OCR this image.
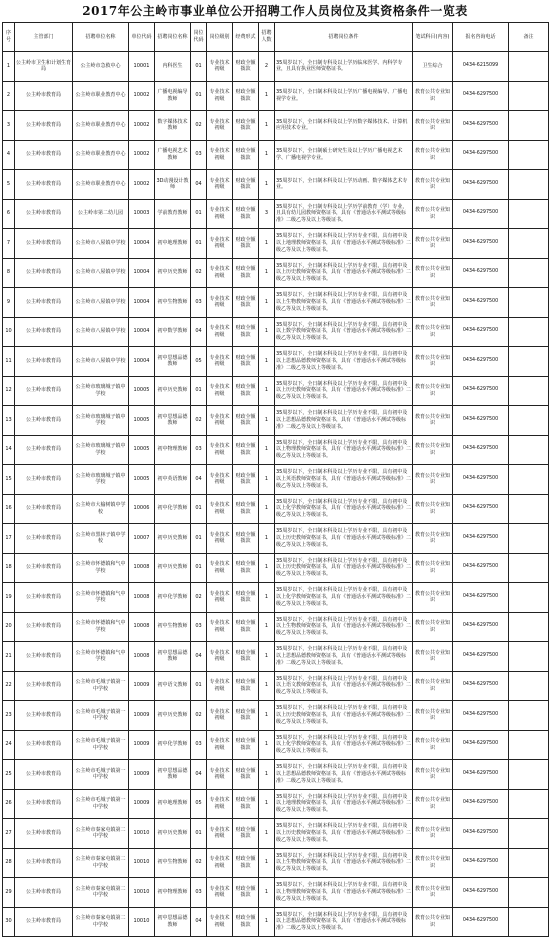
2017年公主岭市事业单位公开招聘工作人员岗位及其资格条件一览表
序号	主管部门	招聘单位名称	单位代码	招聘岗位名称	岗位代码	岗位级别	经费形式	招聘人数	招聘岗位条件	笔试科目(内容)	报名咨询电话	备注
1	公主岭市卫生和计划生育局	公主岭市急救中心	10001	内科医生	01	专业技术初级	财政全额拨款	2	35周岁以下，全日制专科及以上学历临床医学、内科学专业，且具有执业医师资格证书。	卫生综合	0434-6215099	
2	公主岭市教育局	公主岭市职业教育中心	10002	广播电视编导教师	01	专业技术初级	财政全额拨款	1	35周岁以下，全日制本科及以上学历广播电视编导、广播电视学专业。	教育公共专业知识	0434-6297500	
3	公主岭市教育局	公主岭市职业教育中心	10002	数字媒体技术教师	02	专业技术初级	财政全额拨款	1	35周岁以下，全日制本科及以上学历数字媒体技术、计算机应用技术专业。	教育公共专业知识	0434-6297500	
4	公主岭市教育局	公主岭市职业教育中心	10002	广播电视艺术教师	03	专业技术初级	财政全额拨款	1	35周岁以下，全日制硕士研究生及以上学历广播电视艺术学、广播电视学专业。	教育公共专业知识	0434-6297500	
5	公主岭市教育局	公主岭市职业教育中心	10002	3D动漫设计教师	04	专业技术初级	财政全额拨款	1	35周岁以下，全日制本科及以上学历动画、数字媒体艺术专业。	教育公共专业知识	0434-6297500	
6	公主岭市教育局	公主岭市第二幼儿园	10003	学前教育教师	01	专业技术初级	财政全额拨款	3	35周岁以下，全日制专科及以上学历学前教育（学）专业，且具有幼儿园教师资格证书，具有《普通话水平测试等级标准》二级乙等及以上等级证书。	教育公共专业知识	0434-6297500	
7	公主岭市教育局	公主岭市八屋镇中学校	10004	初中地理教师	01	专业技术初级	财政全额拨款	1	35周岁以下，全日制本科及以上学历专业不限，具有初中及以上地理教师资格证书，具有《普通话水平测试等级标准》二级乙等及以上等级证书。	教育公共专业知识	0434-6297500	
8	公主岭市教育局	公主岭市八屋镇中学校	10004	初中历史教师	02	专业技术初级	财政全额拨款	1	35周岁以下，全日制本科及以上学历专业不限，具有初中及以上历史教师资格证书，具有《普通话水平测试等级标准》二级乙等及以上等级证书。	教育公共专业知识	0434-6297500	
9	公主岭市教育局	公主岭市八屋镇中学校	10004	初中生物教师	03	专业技术初级	财政全额拨款	1	35周岁以下，全日制本科及以上学历专业不限，具有初中及以上生物教师资格证书，具有《普通话水平测试等级标准》二级乙等及以上等级证书。	教育公共专业知识	0434-6297500	
10	公主岭市教育局	公主岭市八屋镇中学校	10004	初中数学教师	04	专业技术初级	财政全额拨款	1	35周岁以下，全日制本科及以上学历专业不限，具有初中及以上数学教师资格证书，具有《普通话水平测试等级标准》二级乙等及以上等级证书。	教育公共专业知识	0434-6297500	
11	公主岭市教育局	公主岭市八屋镇中学校	10004	初中思想品德教师	05	专业技术初级	财政全额拨款	1	35周岁以下，全日制本科及以上学历专业不限，具有初中及以上思想品德教师资格证书，具有《普通话水平测试等级标准》二级乙等及以上等级证书。	教育公共专业知识	0434-6297500	
12	公主岭市教育局	公主岭市玻璃城子镇中学校	10005	初中历史教师	01	专业技术初级	财政全额拨款	1	35周岁以下，全日制本科及以上学历专业不限，具有初中及以上历史教师资格证书，具有《普通话水平测试等级标准》二级乙等及以上等级证书。	教育公共专业知识	0434-6297500	
13	公主岭市教育局	公主岭市玻璃城子镇中学校	10005	初中思想品德教师	02	专业技术初级	财政全额拨款	1	35周岁以下，全日制本科及以上学历专业不限，具有初中及以上思想品德教师资格证书，具有《普通话水平测试等级标准》二级乙等及以上等级证书。	教育公共专业知识	0434-6297500	
14	公主岭市教育局	公主岭市玻璃城子镇中学校	10005	初中物理教师	03	专业技术初级	财政全额拨款	1	35周岁以下，全日制本科及以上学历专业不限，具有初中及以上物理教师资格证书，具有《普通话水平测试等级标准》二级乙等及以上等级证书。	教育公共专业知识	0434-6297500	
15	公主岭市教育局	公主岭市玻璃城子镇中学校	10005	初中英语教师	04	专业技术初级	财政全额拨款	1	35周岁以下，全日制本科及以上学历专业不限，具有初中及以上英语教师资格证书，具有《普通话水平测试等级标准》二级乙等及以上等级证书。	教育公共专业知识	0434-6297500	
16	公主岭市教育局	公主岭市大榆树镇中学校	10006	初中化学教师	01	专业技术初级	财政全额拨款	1	35周岁以下，全日制本科及以上学历专业不限，具有初中及以上化学教师资格证书，具有《普通话水平测试等级标准》二级乙等及以上等级证书。	教育公共专业知识	0434-6297500	
17	公主岭市教育局	公主岭市黑林子镇中学校	10007	初中历史教师	01	专业技术初级	财政全额拨款	1	35周岁以下，全日制本科及以上学历专业不限，具有初中及以上历史教师资格证书，具有《普通话水平测试等级标准》二级乙等及以上等级证书。	教育公共专业知识	0434-6297500	
18	公主岭市教育局	公主岭市怀德镇和气中学校	10008	初中历史教师	01	专业技术初级	财政全额拨款	1	35周岁以下，全日制本科及以上学历专业不限，具有初中及以上历史教师资格证书，具有《普通话水平测试等级标准》二级乙等及以上等级证书。	教育公共专业知识	0434-6297500	
19	公主岭市教育局	公主岭市怀德镇和气中学校	10008	初中化学教师	02	专业技术初级	财政全额拨款	1	35周岁以下，全日制本科及以上学历专业不限，具有初中及以上化学教师资格证书，具有《普通话水平测试等级标准》二级乙等及以上等级证书。	教育公共专业知识	0434-6297500	
20	公主岭市教育局	公主岭市怀德镇和气中学校	10008	初中生物教师	03	专业技术初级	财政全额拨款	1	35周岁以下，全日制本科及以上学历专业不限，具有初中及以上生物教师资格证书，具有《普通话水平测试等级标准》二级乙等及以上等级证书。	教育公共专业知识	0434-6297500	
21	公主岭市教育局	公主岭市怀德镇和气中学校	10008	初中思想品德教师	04	专业技术初级	财政全额拨款	1	35周岁以下，全日制本科及以上学历专业不限，具有初中及以上思想品德教师资格证书，具有《普通话水平测试等级标准》二级乙等及以上等级证书。	教育公共专业知识	0434-6297500	
22	公主岭市教育局	公主岭市毛城子镇第一中学校	10009	初中语文教师	01	专业技术初级	财政全额拨款	1	35周岁以下，全日制本科及以上学历专业不限，具有初中及以上语文教师资格证书，具有《普通话水平测试等级标准》二级乙等及以上等级证书。	教育公共专业知识	0434-6297500	
23	公主岭市教育局	公主岭市毛城子镇第一中学校	10009	初中历史教师	02	专业技术初级	财政全额拨款	1	35周岁以下，全日制本科及以上学历专业不限，具有初中及以上历史教师资格证书，具有《普通话水平测试等级标准》二级乙等及以上等级证书。	教育公共专业知识	0434-6297500	
24	公主岭市教育局	公主岭市毛城子镇第一中学校	10009	初中化学教师	03	专业技术初级	财政全额拨款	1	35周岁以下，全日制本科及以上学历专业不限，具有初中及以上化学教师资格证书，具有《普通话水平测试等级标准》二级乙等及以上等级证书。	教育公共专业知识	0434-6297500	
25	公主岭市教育局	公主岭市毛城子镇第一中学校	10009	初中思想品德教师	04	专业技术初级	财政全额拨款	1	35周岁以下，全日制本科及以上学历专业不限，具有初中及以上思想品德教师资格证书，具有《普通话水平测试等级标准》二级乙等及以上等级证书。	教育公共专业知识	0434-6297500	
26	公主岭市教育局	公主岭市毛城子镇第一中学校	10009	初中地理教师	05	专业技术初级	财政全额拨款	1	35周岁以下，全日制本科及以上学历专业不限，具有初中及以上地理教师资格证书，具有《普通话水平测试等级标准》二级乙等及以上等级证书。	教育公共专业知识	0434-6297500	
27	公主岭市教育局	公主岭市秦家屯镇第二中学校	10010	初中历史教师	01	专业技术初级	财政全额拨款	1	35周岁以下，全日制本科及以上学历专业不限，具有初中及以上历史教师资格证书，具有《普通话水平测试等级标准》二级乙等及以上等级证书。	教育公共专业知识	0434-6297500	
28	公主岭市教育局	公主岭市秦家屯镇第二中学校	10010	初中生物教师	02	专业技术初级	财政全额拨款	1	35周岁以下，全日制本科及以上学历专业不限，具有初中及以上生物教师资格证书，具有《普通话水平测试等级标准》二级乙等及以上等级证书。	教育公共专业知识	0434-6297500	
29	公主岭市教育局	公主岭市秦家屯镇第二中学校	10010	初中物理教师	03	专业技术初级	财政全额拨款	1	35周岁以下，全日制本科及以上学历专业不限，具有初中及以上物理教师资格证书，具有《普通话水平测试等级标准》二级乙等及以上等级证书。	教育公共专业知识	0434-6297500	
30	公主岭市教育局	公主岭市秦家屯镇第二中学校	10010	初中思想品德教师	04	专业技术初级	财政全额拨款	1	35周岁以下，全日制本科及以上学历专业不限，具有初中及以上思想品德教师资格证书，具有《普通话水平测试等级标准》二级乙等及以上等级证书。	教育公共专业知识	0434-6297500	
